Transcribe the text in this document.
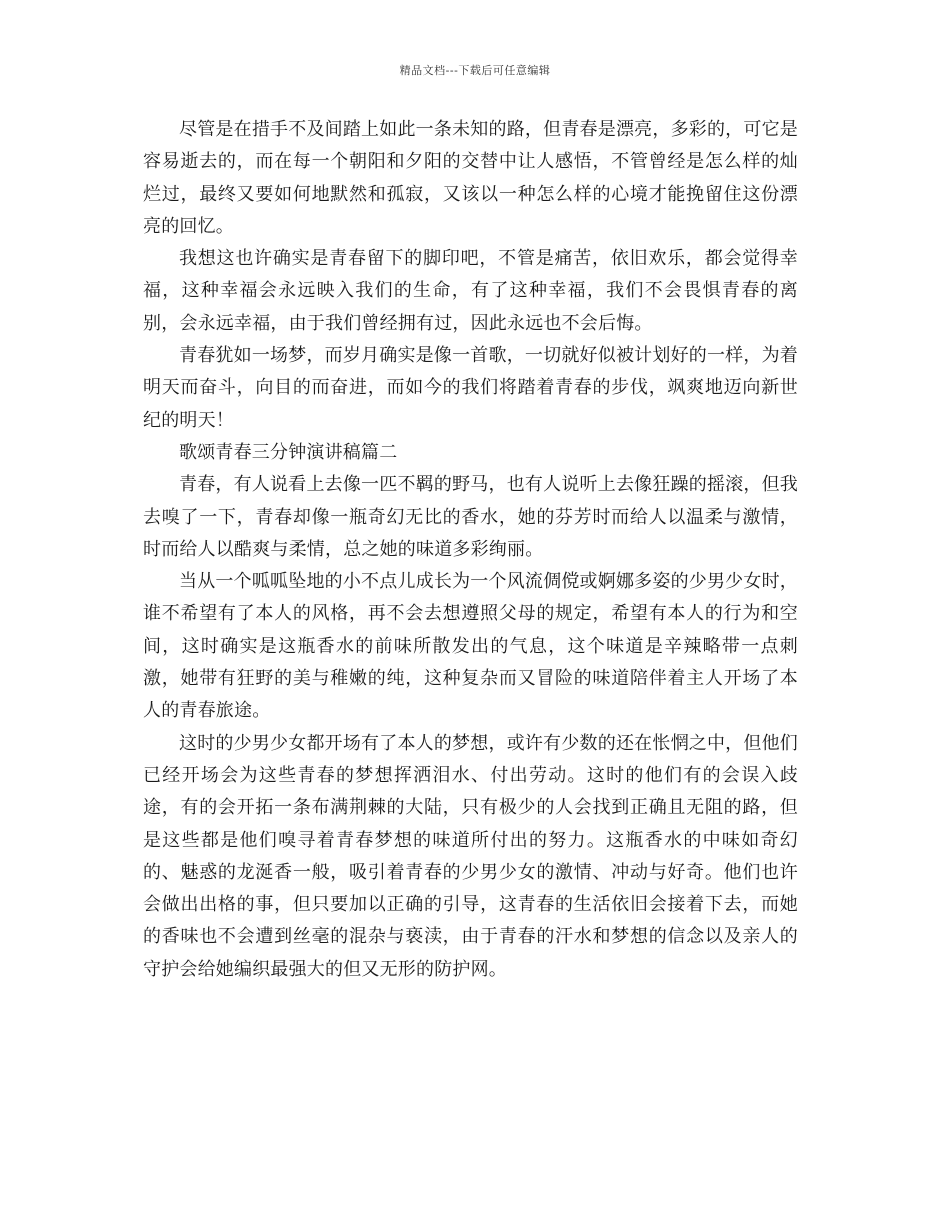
精品文档---下载后可任意编辑

尽管是在措手不及间踏上如此一条未知的路，但青春是漂亮，多彩的，可它是容易逝去的，而在每一个朝阳和夕阳的交替中让人感悟，不管曾经是怎么样的灿烂过，最终又要如何地默然和孤寂，又该以一种怎么样的心境才能挽留住这份漂亮的回忆。

我想这也许确实是青春留下的脚印吧，不管是痛苦，依旧欢乐，都会觉得幸福，这种幸福会永远映入我们的生命，有了这种幸福，我们不会畏惧青春的离别，会永远幸福，由于我们曾经拥有过，因此永远也不会后悔。

青春犹如一场梦，而岁月确实是像一首歌，一切就好似被计划好的一样，为着明天而奋斗，向目的而奋进，而如今的我们将踏着青春的步伐，飒爽地迈向新世纪的明天！

歌颂青春三分钟演讲稿篇二

青春，有人说看上去像一匹不羁的野马，也有人说听上去像狂躁的摇滚，但我去嗅了一下，青春却像一瓶奇幻无比的香水，她的芬芳时而给人以温柔与激情，时而给人以酷爽与柔情，总之她的味道多彩绚丽。

当从一个呱呱坠地的小不点儿成长为一个风流倜傥或婀娜多姿的少男少女时，谁不希望有了本人的风格，再不会去想遵照父母的规定，希望有本人的行为和空间，这时确实是这瓶香水的前味所散发出的气息，这个味道是辛辣略带一点刺激，她带有狂野的美与稚嫩的纯，这种复杂而又冒险的味道陪伴着主人开场了本人的青春旅途。

这时的少男少女都开场有了本人的梦想，或许有少数的还在怅惘之中，但他们已经开场会为这些青春的梦想挥洒泪水、付出劳动。这时的他们有的会误入歧途，有的会开拓一条布满荆棘的大陆，只有极少的人会找到正确且无阻的路，但是这些都是他们嗅寻着青春梦想的味道所付出的努力。这瓶香水的中味如奇幻的、魅惑的龙涎香一般，吸引着青春的少男少女的激情、冲动与好奇。他们也许会做出出格的事，但只要加以正确的引导，这青春的生活依旧会接着下去，而她的香味也不会遭到丝毫的混杂与亵渎，由于青春的汗水和梦想的信念以及亲人的守护会给她编织最强大的但又无形的防护网。
